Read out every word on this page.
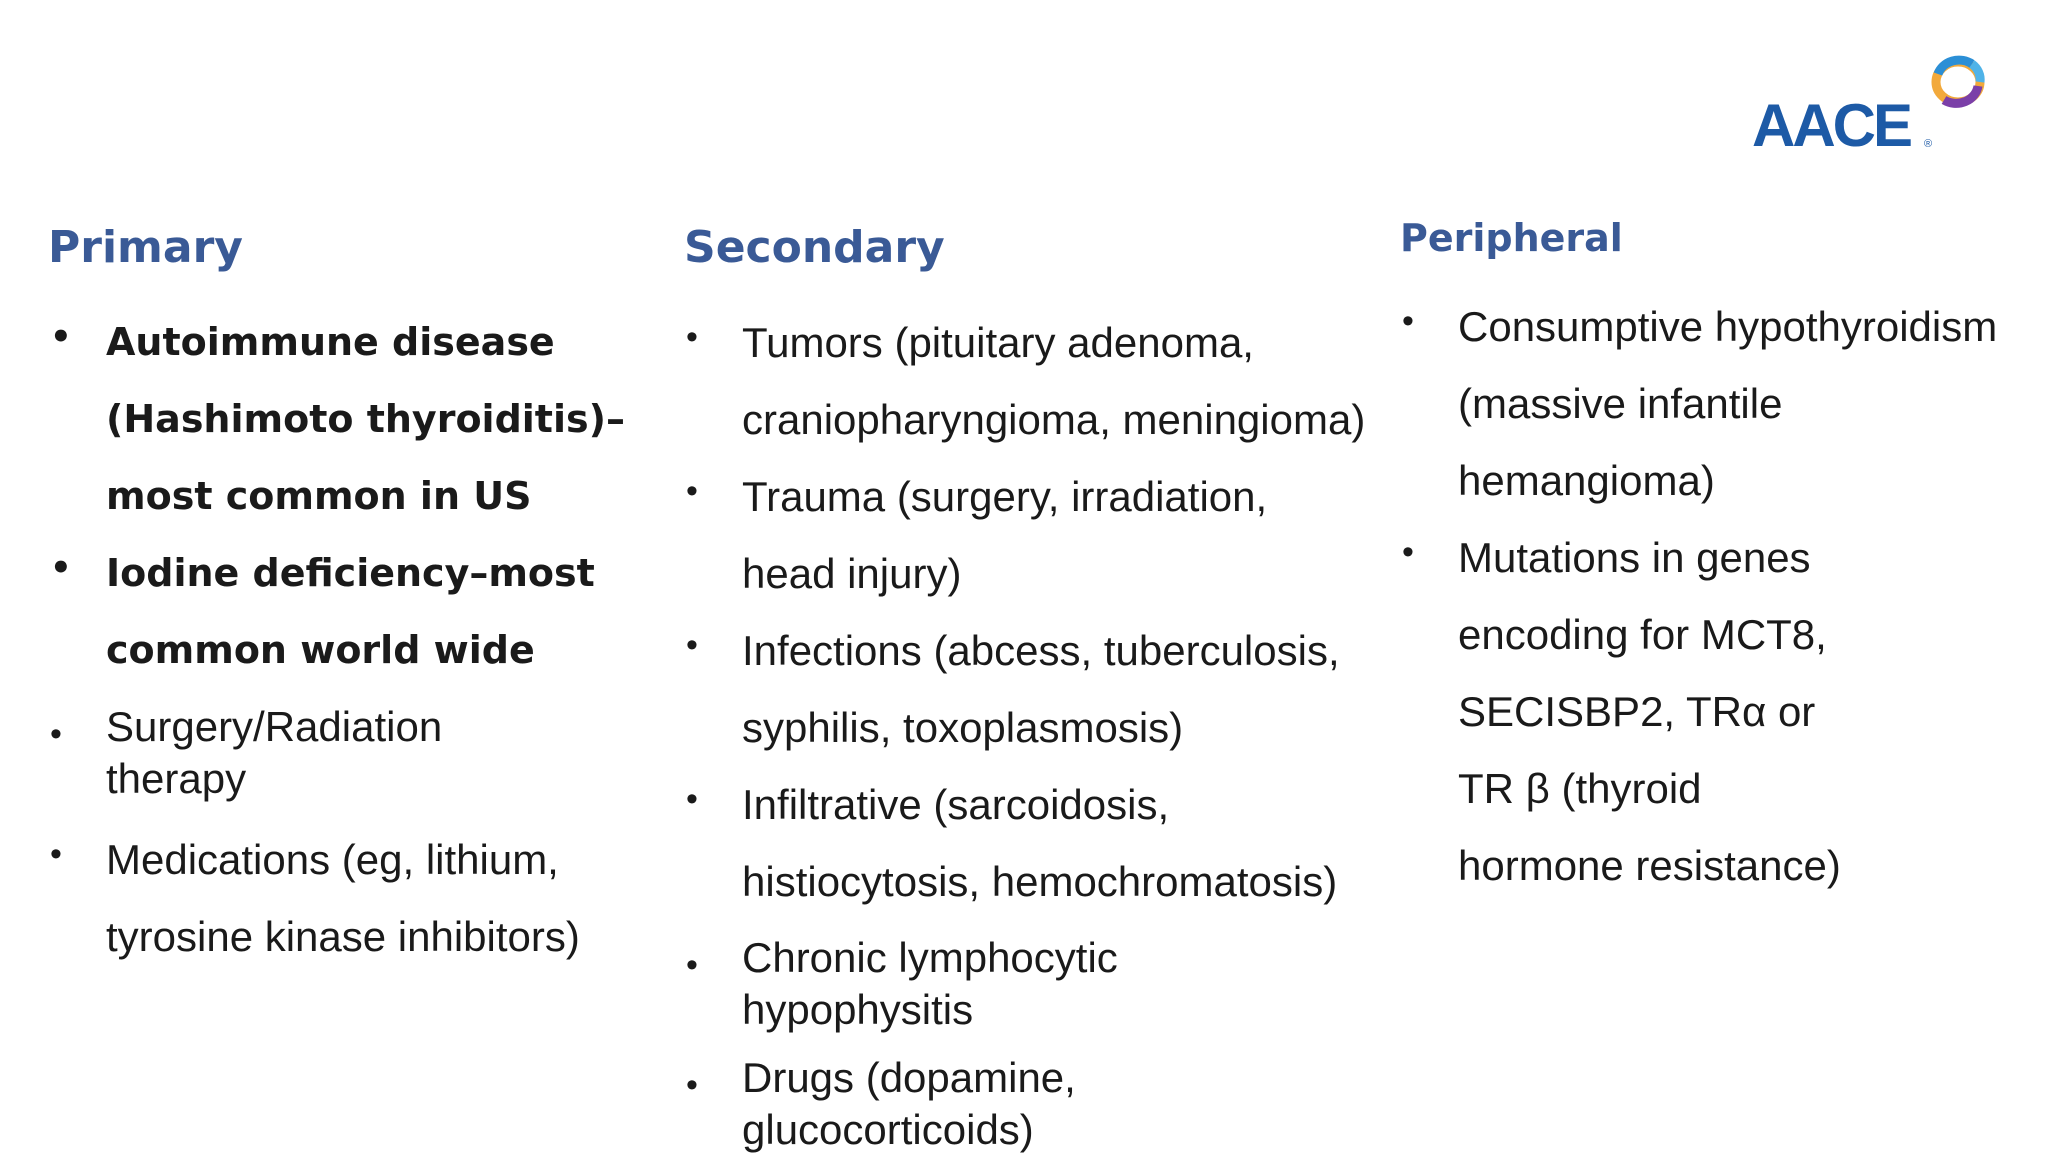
AACE ®
Primary
• Autoimmune disease
(Hashimoto thyroiditis)–
most common in US
• Iodine deficiency–most
common world wide
• Surgery/Radiation
therapy
• Medications (eg, lithium,
tyrosine kinase inhibitors)
Secondary
• Tumors (pituitary adenoma,
craniopharyngioma, meningioma)
• Trauma (surgery, irradiation,
head injury)
• Infections (abcess, tuberculosis,
syphilis, toxoplasmosis)
• Infiltrative (sarcoidosis,
histiocytosis, hemochromatosis)
• Chronic lymphocytic
hypophysitis
• Drugs (dopamine,
glucocorticoids)
Peripheral
• Consumptive hypothyroidism
(massive infantile
hemangioma)
• Mutations in genes
encoding for MCT8,
SECISBP2, TRα or
TR β (thyroid
hormone resistance)
